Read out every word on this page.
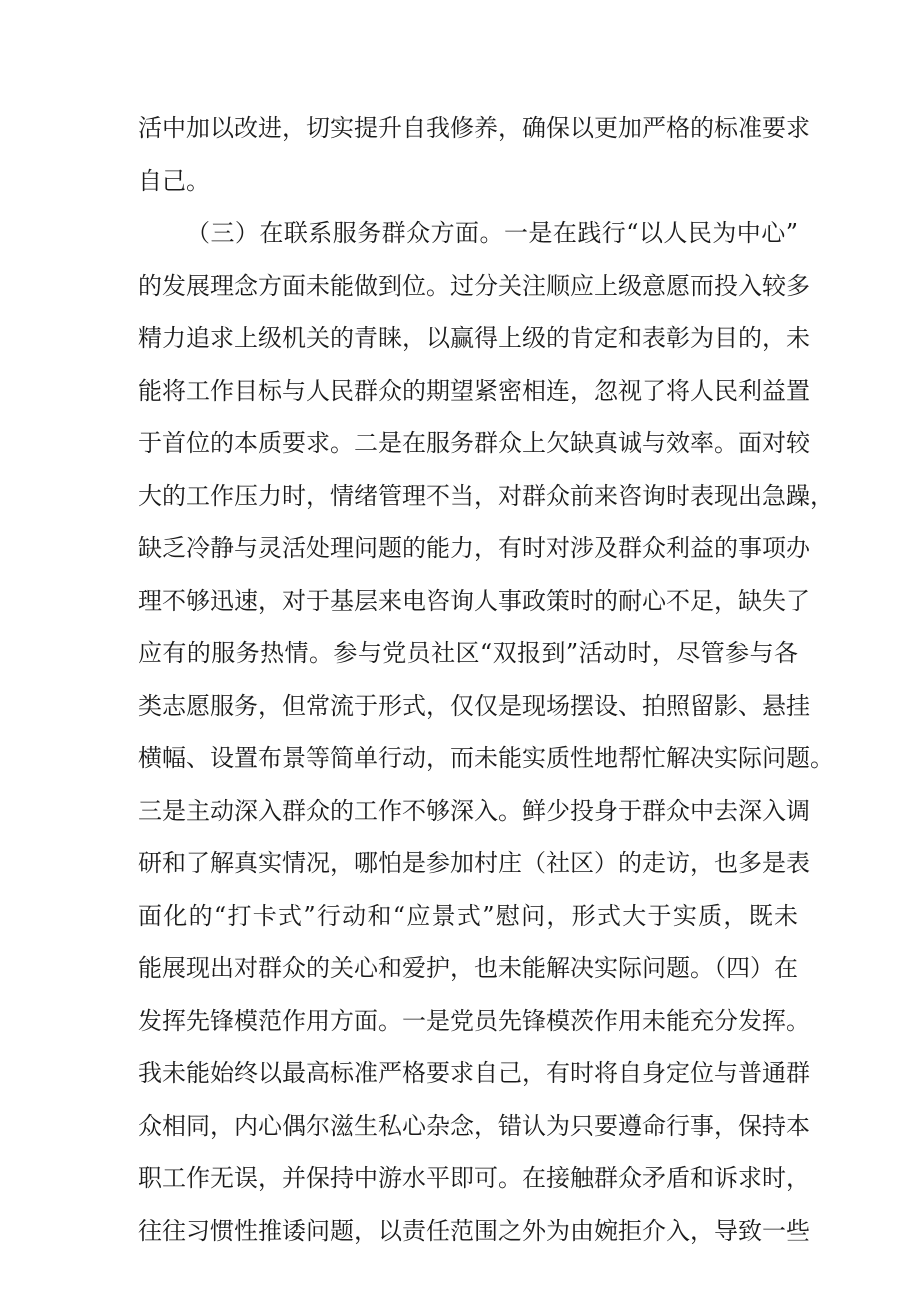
活中加以改进，切实提升自我修养，确保以更加严格的标准要求
自己。
（三）在联系服务群众方面。一是在践行“以人民为中心”
的发展理念方面未能做到位。过分关注顺应上级意愿而投入较多
精力追求上级机关的青睐，以赢得上级的肯定和表彰为目的，未
能将工作目标与人民群众的期望紧密相连，忽视了将人民利益置
于首位的本质要求。二是在服务群众上欠缺真诚与效率。面对较
大的工作压力时，情绪管理不当，对群众前来咨询时表现出急躁，
缺乏冷静与灵活处理问题的能力，有时对涉及群众利益的事项办
理不够迅速，对于基层来电咨询人事政策时的耐心不足，缺失了
应有的服务热情。参与党员社区“双报到”活动时，尽管参与各
类志愿服务，但常流于形式，仅仅是现场摆设、拍照留影、悬挂
横幅、设置布景等简单行动，而未能实质性地帮忙解决实际问题。
三是主动深入群众的工作不够深入。鲜少投身于群众中去深入调
研和了解真实情况，哪怕是参加村庄（社区）的走访，也多是表
面化的“打卡式”行动和“应景式”慰问，形式大于实质，既未
能展现出对群众的关心和爱护，也未能解决实际问题。（四）在
发挥先锋模范作用方面。一是党员先锋模茨作用未能充分发挥。
我未能始终以最高标准严格要求自己，有时将自身定位与普通群
众相同，内心偶尔滋生私心杂念，错认为只要遵命行事，保持本
职工作无误，并保持中游水平即可。在接触群众矛盾和诉求时，
往往习惯性推诿问题，以责任范围之外为由婉拒介入，导致一些
